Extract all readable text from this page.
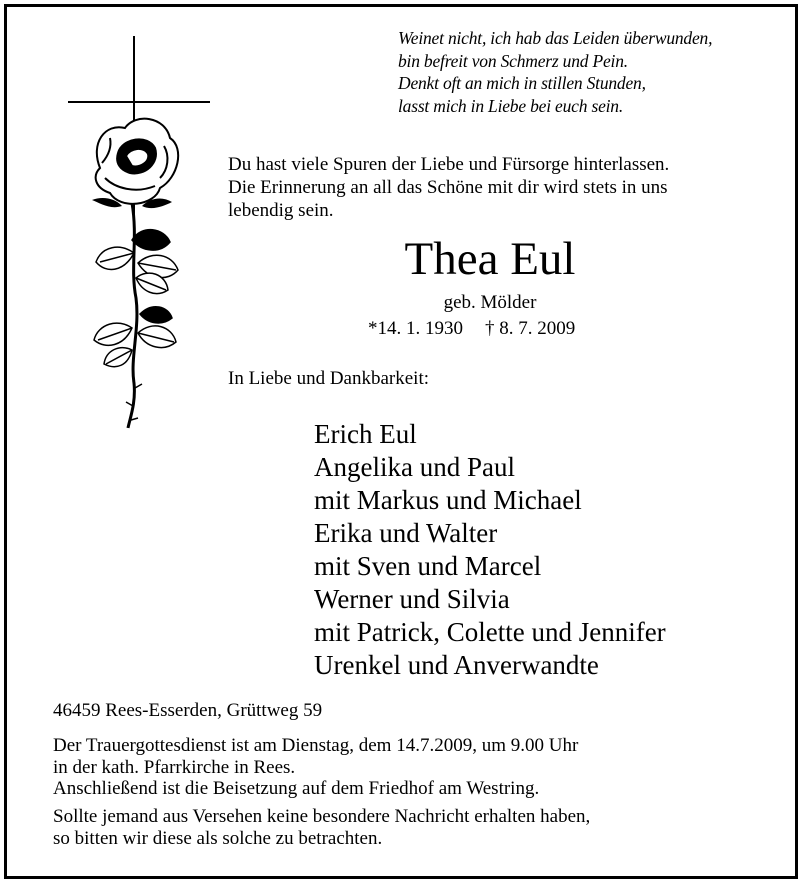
Weinet nicht, ich hab das Leiden überwunden,
bin befreit von Schmerz und Pein.
Denkt oft an mich in stillen Stunden,
lasst mich in Liebe bei euch sein.
Du hast viele Spuren der Liebe und Fürsorge hinterlassen.
Die Erinnerung an all das Schöne mit dir wird stets in uns
lebendig sein.
Thea Eul
geb. Mölder
*14. 1. 1930 † 8. 7. 2009
In Liebe und Dankbarkeit:
Erich Eul
Angelika und Paul
mit Markus und Michael
Erika und Walter
mit Sven und Marcel
Werner und Silvia
mit Patrick, Colette und Jennifer
Urenkel und Anverwandte
46459 Rees-Esserden, Grüttweg 59
Der Trauergottesdienst ist am Dienstag, dem 14.7.2009, um 9.00 Uhr
in der kath. Pfarrkirche in Rees.
Anschließend ist die Beisetzung auf dem Friedhof am Westring.
Sollte jemand aus Versehen keine besondere Nachricht erhalten haben,
so bitten wir diese als solche zu betrachten.
